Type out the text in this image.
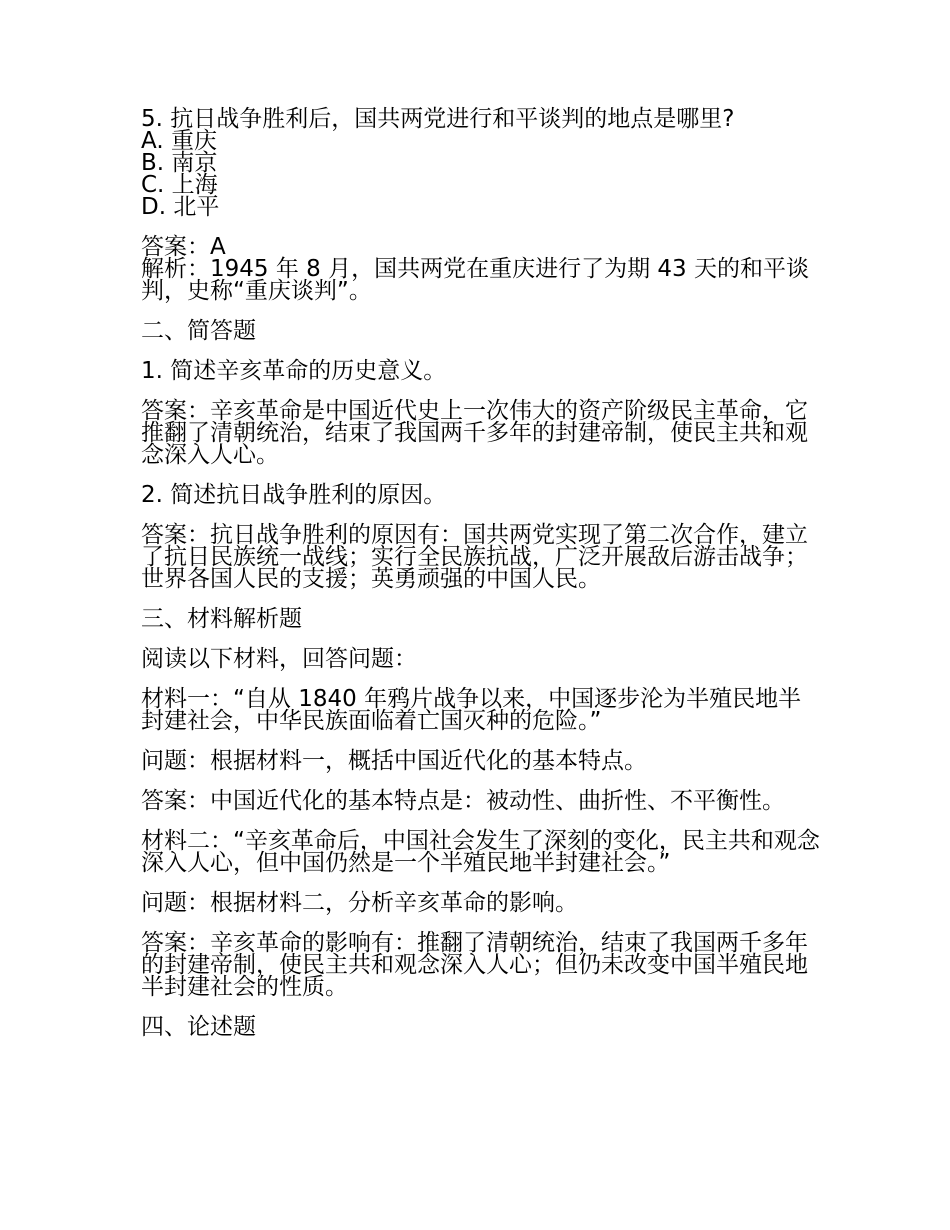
5. 抗日战争胜利后，国共两党进行和平谈判的地点是哪里?
A. 重庆
B. 南京
C. 上海
D. 北平
答案：A
解析：1945 年 8 月，国共两党在重庆进行了为期 43 天的和平谈判，史称“重庆谈判”。
二、简答题
1. 简述辛亥革命的历史意义。
答案：辛亥革命是中国近代史上一次伟大的资产阶级民主革命，它推翻了清朝统治，结束了我国两千多年的封建帝制，使民主共和观念深入人心。
2. 简述抗日战争胜利的原因。
答案：抗日战争胜利的原因有：国共两党实现了第二次合作，建立了抗日民族统一战线；实行全民族抗战，广泛开展敌后游击战争；世界各国人民的支援；英勇顽强的中国人民。
三、材料解析题
阅读以下材料，回答问题：
材料一：“自从 1840 年鸦片战争以来，中国逐步沦为半殖民地半封建社会，中华民族面临着亡国灭种的危险。”
问题：根据材料一，概括中国近代化的基本特点。
答案：中国近代化的基本特点是：被动性、曲折性、不平衡性。
材料二：“辛亥革命后，中国社会发生了深刻的变化，民主共和观念深入人心，但中国仍然是一个半殖民地半封建社会。”
问题：根据材料二，分析辛亥革命的影响。
答案：辛亥革命的影响有：推翻了清朝统治，结束了我国两千多年的封建帝制，使民主共和观念深入人心；但仍未改变中国半殖民地半封建社会的性质。
四、论述题
